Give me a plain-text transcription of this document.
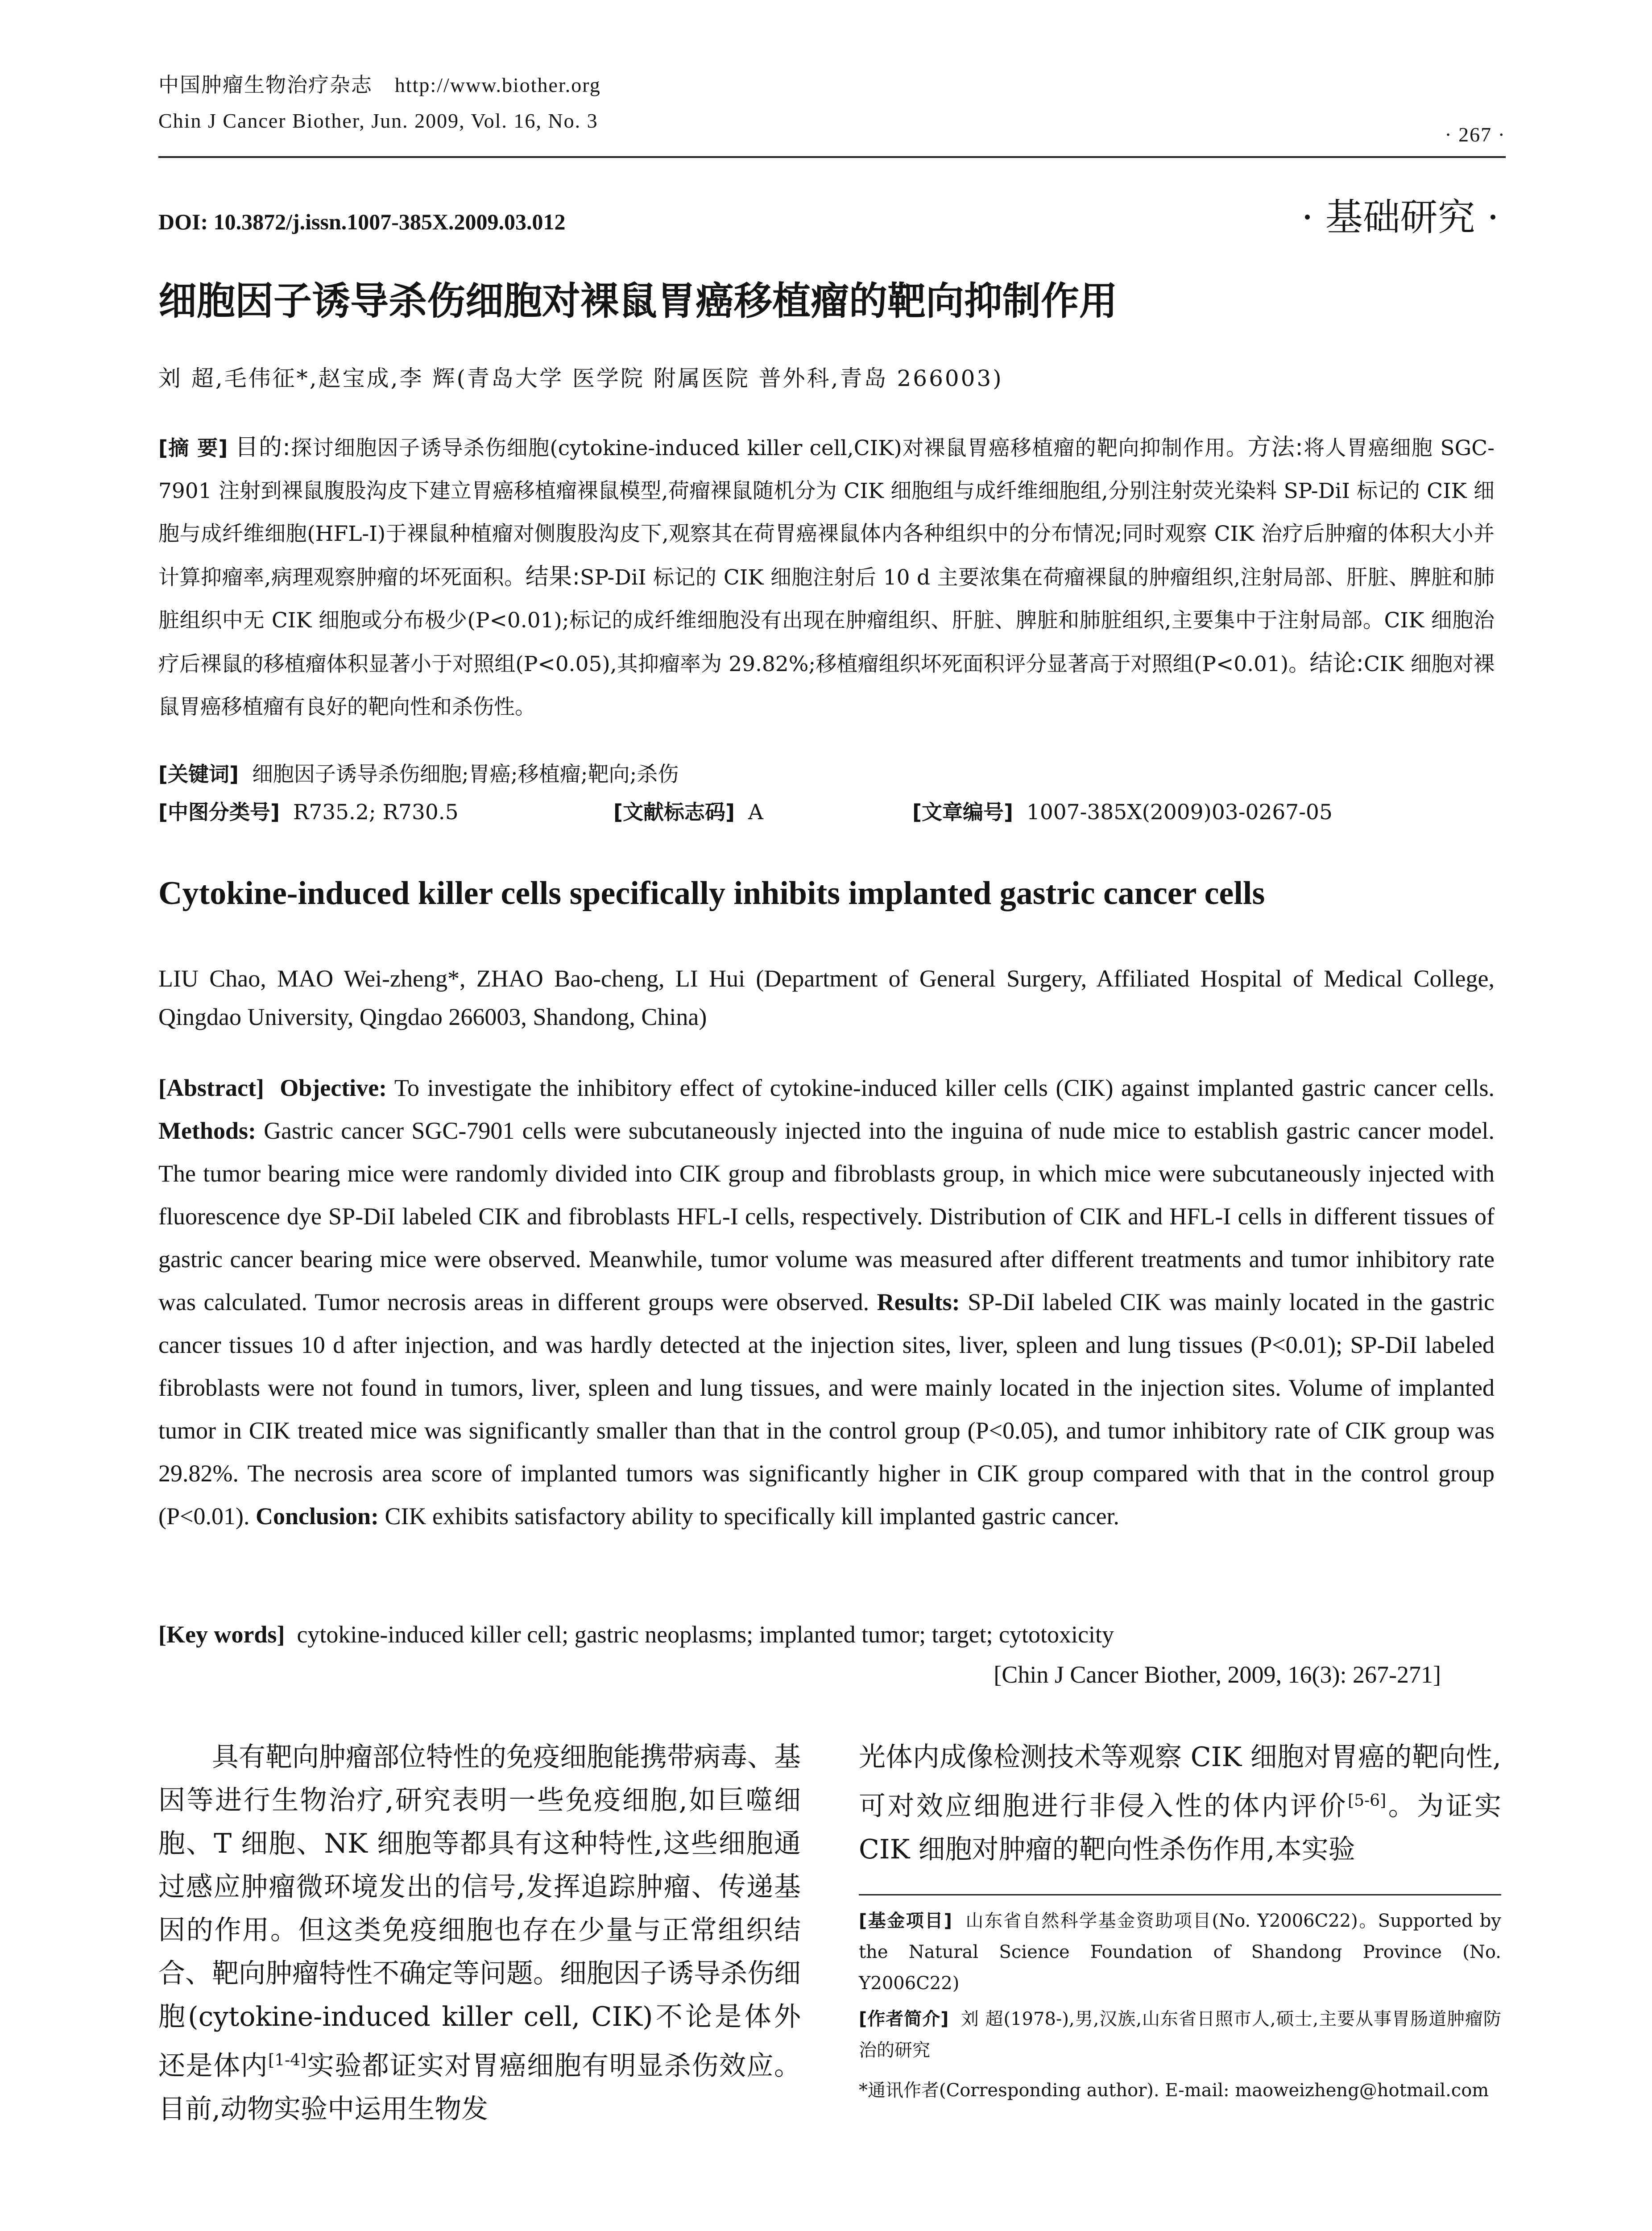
中国肿瘤生物治疗杂志 http://www.biother.org
Chin J Cancer Biother, Jun. 2009, Vol. 16, No. 3
· 267 ·
DOI: 10.3872/j.issn.1007-385X.2009.03.012	· 基础研究 ·
细胞因子诱导杀伤细胞对裸鼠胃癌移植瘤的靶向抑制作用
刘 超,毛伟征*,赵宝成,李 辉(青岛大学 医学院 附属医院 普外科,青岛 266003)
[摘 要] 目的:探讨细胞因子诱导杀伤细胞(cytokine-induced killer cell,CIK)对裸鼠胃癌移植瘤的靶向抑制作用。方法:将人胃癌细胞 SGC-7901 注射到裸鼠腹股沟皮下建立胃癌移植瘤裸鼠模型,荷瘤裸鼠随机分为 CIK 细胞组与成纤维细胞组,分别注射荧光染料 SP-DiI 标记的 CIK 细胞与成纤维细胞(HFL-I)于裸鼠种植瘤对侧腹股沟皮下,观察其在荷胃癌裸鼠体内各种组织中的分布情况;同时观察 CIK 治疗后肿瘤的体积大小并计算抑瘤率,病理观察肿瘤的坏死面积。结果:SP-DiI 标记的 CIK 细胞注射后 10 d 主要浓集在荷瘤裸鼠的肿瘤组织,注射局部、肝脏、脾脏和肺脏组织中无 CIK 细胞或分布极少(P<0.01);标记的成纤维细胞没有出现在肿瘤组织、肝脏、脾脏和肺脏组织,主要集中于注射局部。CIK 细胞治疗后裸鼠的移植瘤体积显著小于对照组(P<0.05),其抑瘤率为 29.82%;移植瘤组织坏死面积评分显著高于对照组(P<0.01)。结论:CIK 细胞对裸鼠胃癌移植瘤有良好的靶向性和杀伤性。
[关键词] 细胞因子诱导杀伤细胞;胃癌;移植瘤;靶向;杀伤
[中图分类号] R735.2; R730.5	[文献标志码] A	[文章编号] 1007-385X(2009)03-0267-05
Cytokine-induced killer cells specifically inhibits implanted gastric cancer cells
LIU Chao, MAO Wei-zheng*, ZHAO Bao-cheng, LI Hui (Department of General Surgery, Affiliated Hospital of Medical College, Qingdao University, Qingdao 266003, Shandong, China)
[Abstract] Objective: To investigate the inhibitory effect of cytokine-induced killer cells (CIK) against implanted gastric cancer cells. Methods: Gastric cancer SGC-7901 cells were subcutaneously injected into the inguina of nude mice to establish gastric cancer model. The tumor bearing mice were randomly divided into CIK group and fibroblasts group, in which mice were subcutaneously injected with fluorescence dye SP-DiI labeled CIK and fibroblasts HFL-I cells, respectively. Distribution of CIK and HFL-I cells in different tissues of gastric cancer bearing mice were observed. Meanwhile, tumor volume was measured after different treatments and tumor inhibitory rate was calculated. Tumor necrosis areas in different groups were observed. Results: SP-DiI labeled CIK was mainly located in the gastric cancer tissues 10 d after injection, and was hardly detected at the injection sites, liver, spleen and lung tissues (P<0.01); SP-DiI labeled fibroblasts were not found in tumors, liver, spleen and lung tissues, and were mainly located in the injection sites. Volume of implanted tumor in CIK treated mice was significantly smaller than that in the control group (P<0.05), and tumor inhibitory rate of CIK group was 29.82%. The necrosis area score of implanted tumors was significantly higher in CIK group compared with that in the control group (P<0.01). Conclusion: CIK exhibits satisfactory ability to specifically kill implanted gastric cancer.
[Key words] cytokine-induced killer cell; gastric neoplasms; implanted tumor; target; cytotoxicity
[Chin J Cancer Biother, 2009, 16(3): 267-271]
具有靶向肿瘤部位特性的免疫细胞能携带病毒、基因等进行生物治疗,研究表明一些免疫细胞,如巨噬细胞、T 细胞、NK 细胞等都具有这种特性,这些细胞通过感应肿瘤微环境发出的信号,发挥追踪肿瘤、传递基因的作用。但这类免疫细胞也存在少量与正常组织结合、靶向肿瘤特性不确定等问题。细胞因子诱导杀伤细胞(cytokine-induced killer cell, CIK)不论是体外还是体内[1-4]实验都证实对胃癌细胞有明显杀伤效应。目前,动物实验中运用生物发
光体内成像检测技术等观察 CIK 细胞对胃癌的靶向性,可对效应细胞进行非侵入性的体内评价[5-6]。为证实 CIK 细胞对肿瘤的靶向性杀伤作用,本实验
[基金项目] 山东省自然科学基金资助项目(No. Y2006C22)。Supported by the Natural Science Foundation of Shandong Province (No. Y2006C22)
[作者简介] 刘 超(1978-),男,汉族,山东省日照市人,硕士,主要从事胃肠道肿瘤防治的研究
*通讯作者(Corresponding author). E-mail: maoweizheng@hotmail.com
